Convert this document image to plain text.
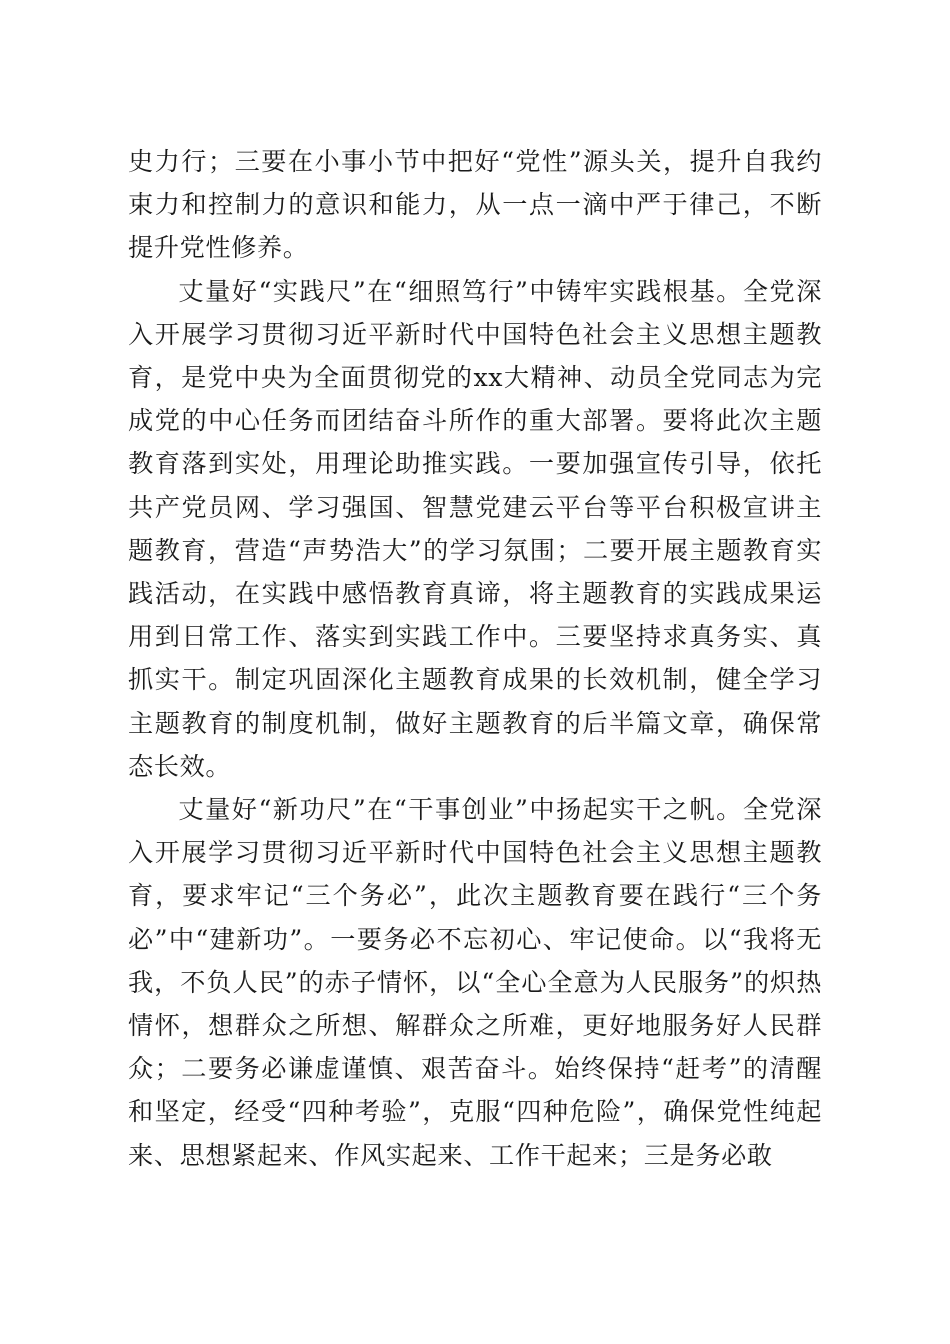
史力行；三要在小事小节中把好“党性”源头关，提升自我约束力和控制力的意识和能力，从一点一滴中严于律己，不断提升党性修养。

丈量好“实践尺”在“细照笃行”中铸牢实践根基。全党深入开展学习贯彻习近平新时代中国特色社会主义思想主题教育，是党中央为全面贯彻党的xx大精神、动员全党同志为完成党的中心任务而团结奋斗所作的重大部署。要将此次主题教育落到实处，用理论助推实践。一要加强宣传引导，依托共产党员网、学习强国、智慧党建云平台等平台积极宣讲主题教育，营造“声势浩大”的学习氛围；二要开展主题教育实践活动，在实践中感悟教育真谛，将主题教育的实践成果运用到日常工作、落实到实践工作中。三要坚持求真务实、真抓实干。制定巩固深化主题教育成果的长效机制，健全学习主题教育的制度机制，做好主题教育的后半篇文章，确保常态长效。

丈量好“新功尺”在“干事创业”中扬起实干之帆。全党深入开展学习贯彻习近平新时代中国特色社会主义思想主题教育，要求牢记“三个务必”，此次主题教育要在践行“三个务必”中“建新功”。一要务必不忘初心、牢记使命。以“我将无我，不负人民”的赤子情怀，以“全心全意为人民服务”的炽热情怀，想群众之所想、解群众之所难，更好地服务好人民群众；二要务必谦虚谨慎、艰苦奋斗。始终保持“赶考”的清醒和坚定，经受“四种考验”，克服“四种危险”，确保党性纯起来、思想紧起来、作风实起来、工作干起来；三是务必敢
